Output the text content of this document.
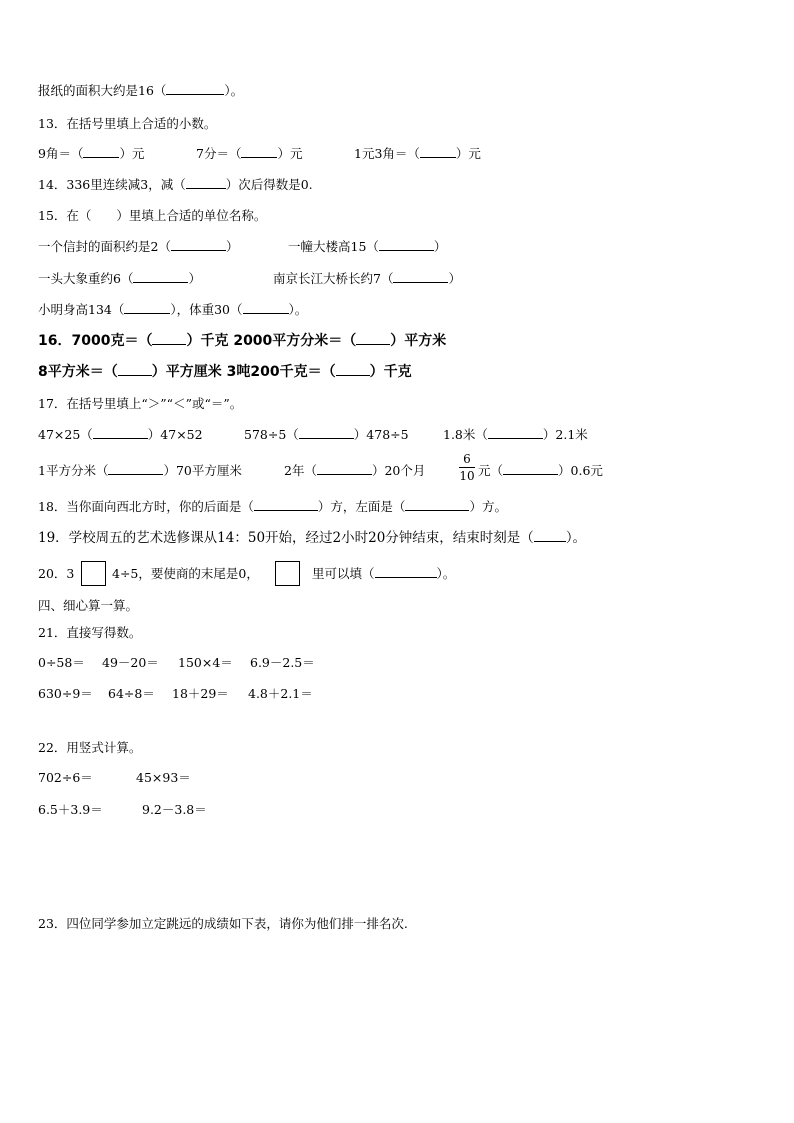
报纸的面积大约是16（	）。
13．在括号里填上合适的小数。
9角＝（	）元	7分＝（	）元	1元3角＝（	）元
14．336里连续减3，减（	）次后得数是0.
15．在（　　）里填上合适的单位名称。
一个信封的面积约是2（	）	一幢大楼高15（	）
一头大象重约6（	）	南京长江大桥长约7（	）
小明身高134（	），体重30（	）。
16．7000克＝（ ）千克 2000平方分米＝（ ）平方米
8平方米＝（ ）平方厘米 3吨200千克＝（ ）千克
17．在括号里填上“＞”“＜”或“＝”。
47×25（	）47×52	578÷5（	）478÷5	1.8米（	）2.1米
1平方分米（	）70平方厘米	2年（	）20个月	元（	）0.6元
6
10
18．当你面向西北方时，你的后面是（	）方，左面是（	）方。
19．学校周五的艺术选修课从14：50开始，经过2小时20分钟结束，结束时刻是（ ）。
20．3	4÷5，要使商的末尾是0，	里可以填（	）。
四、细心算一算。
21．直接写得数。
0÷58＝ 49－20＝ 150×4＝ 6.9－2.5＝
630÷9＝ 64÷8＝ 18＋29＝ 4.8＋2.1＝
22．用竖式计算。
702÷6＝	45×93＝
6.5＋3.9＝	9.2－3.8＝
23．四位同学参加立定跳远的成绩如下表，请你为他们排一排名次.
